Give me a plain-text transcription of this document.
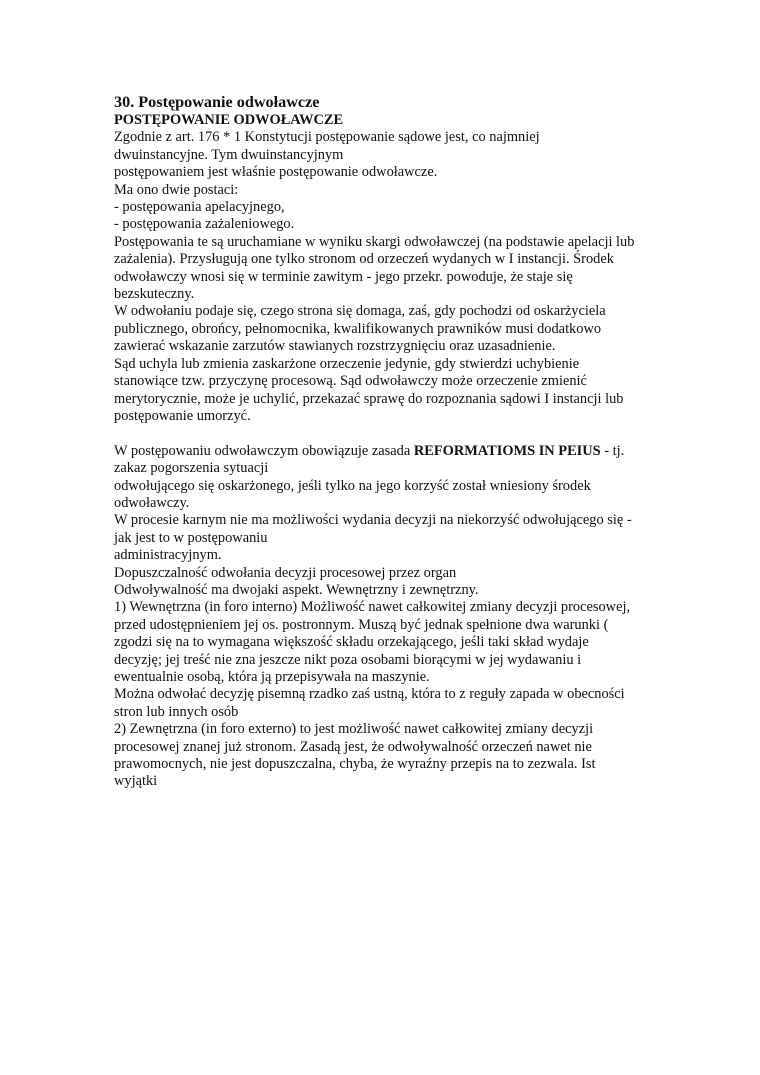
30. Postępowanie odwoławcze
POSTĘPOWANIE ODWOŁAWCZE
Zgodnie z art. 176 * 1 Konstytucji postępowanie sądowe jest, co najmniej
dwuinstancyjne. Tym dwuinstancyjnym
postępowaniem jest właśnie postępowanie odwoławcze.
Ma ono dwie postaci:
- postępowania apelacyjnego,
- postępowania zażaleniowego.
Postępowania te są uruchamiane w wyniku skargi odwoławczej (na podstawie apelacji lub
zażalenia). Przysługują one tylko stronom od orzeczeń wydanych w I instancji. Środek
odwoławczy wnosi się w terminie zawitym - jego przekr. powoduje, że staje się
bezskuteczny.
W odwołaniu podaje się, czego strona się domaga, zaś, gdy pochodzi od oskarżyciela
publicznego, obrońcy, pełnomocnika, kwalifikowanych prawników musi dodatkowo
zawierać wskazanie zarzutów stawianych rozstrzygnięciu oraz uzasadnienie.
Sąd uchyla lub zmienia zaskarżone orzeczenie jedynie, gdy stwierdzi uchybienie
stanowiące tzw. przyczynę procesową. Sąd odwoławczy może orzeczenie zmienić
merytorycznie, może je uchylić, przekazać sprawę do rozpoznania sądowi I instancji lub
postępowanie umorzyć.
W postępowaniu odwoławczym obowiązuje zasada REFORMATIOMS IN PEIUS - tj.
zakaz pogorszenia sytuacji
odwołującego się oskarżonego, jeśli tylko na jego korzyść został wniesiony środek
odwoławczy.
W procesie karnym nie ma możliwości wydania decyzji na niekorzyść odwołującego się -
jak jest to w postępowaniu
administracyjnym.
Dopuszczalność odwołania decyzji procesowej przez organ
Odwoływalność ma dwojaki aspekt. Wewnętrzny i zewnętrzny.
1) Wewnętrzna (in foro interno) Możliwość nawet całkowitej zmiany decyzji procesowej,
przed udostępnieniem jej os. postronnym. Muszą być jednak spełnione dwa warunki (
zgodzi się na to wymagana większość składu orzekającego, jeśli taki skład wydaje
decyzję; jej treść nie zna jeszcze nikt poza osobami biorącymi w jej wydawaniu i
ewentualnie osobą, która ją przepisywała na maszynie.
Można odwołać decyzję pisemną rzadko zaś ustną, która to z reguły zapada w obecności
stron lub innych osób
2) Zewnętrzna (in foro externo) to jest możliwość nawet całkowitej zmiany decyzji
procesowej znanej już stronom. Zasadą jest, że odwoływalność orzeczeń nawet nie
prawomocnych, nie jest dopuszczalna, chyba, że wyraźny przepis na to zezwala. Ist
wyjątki
